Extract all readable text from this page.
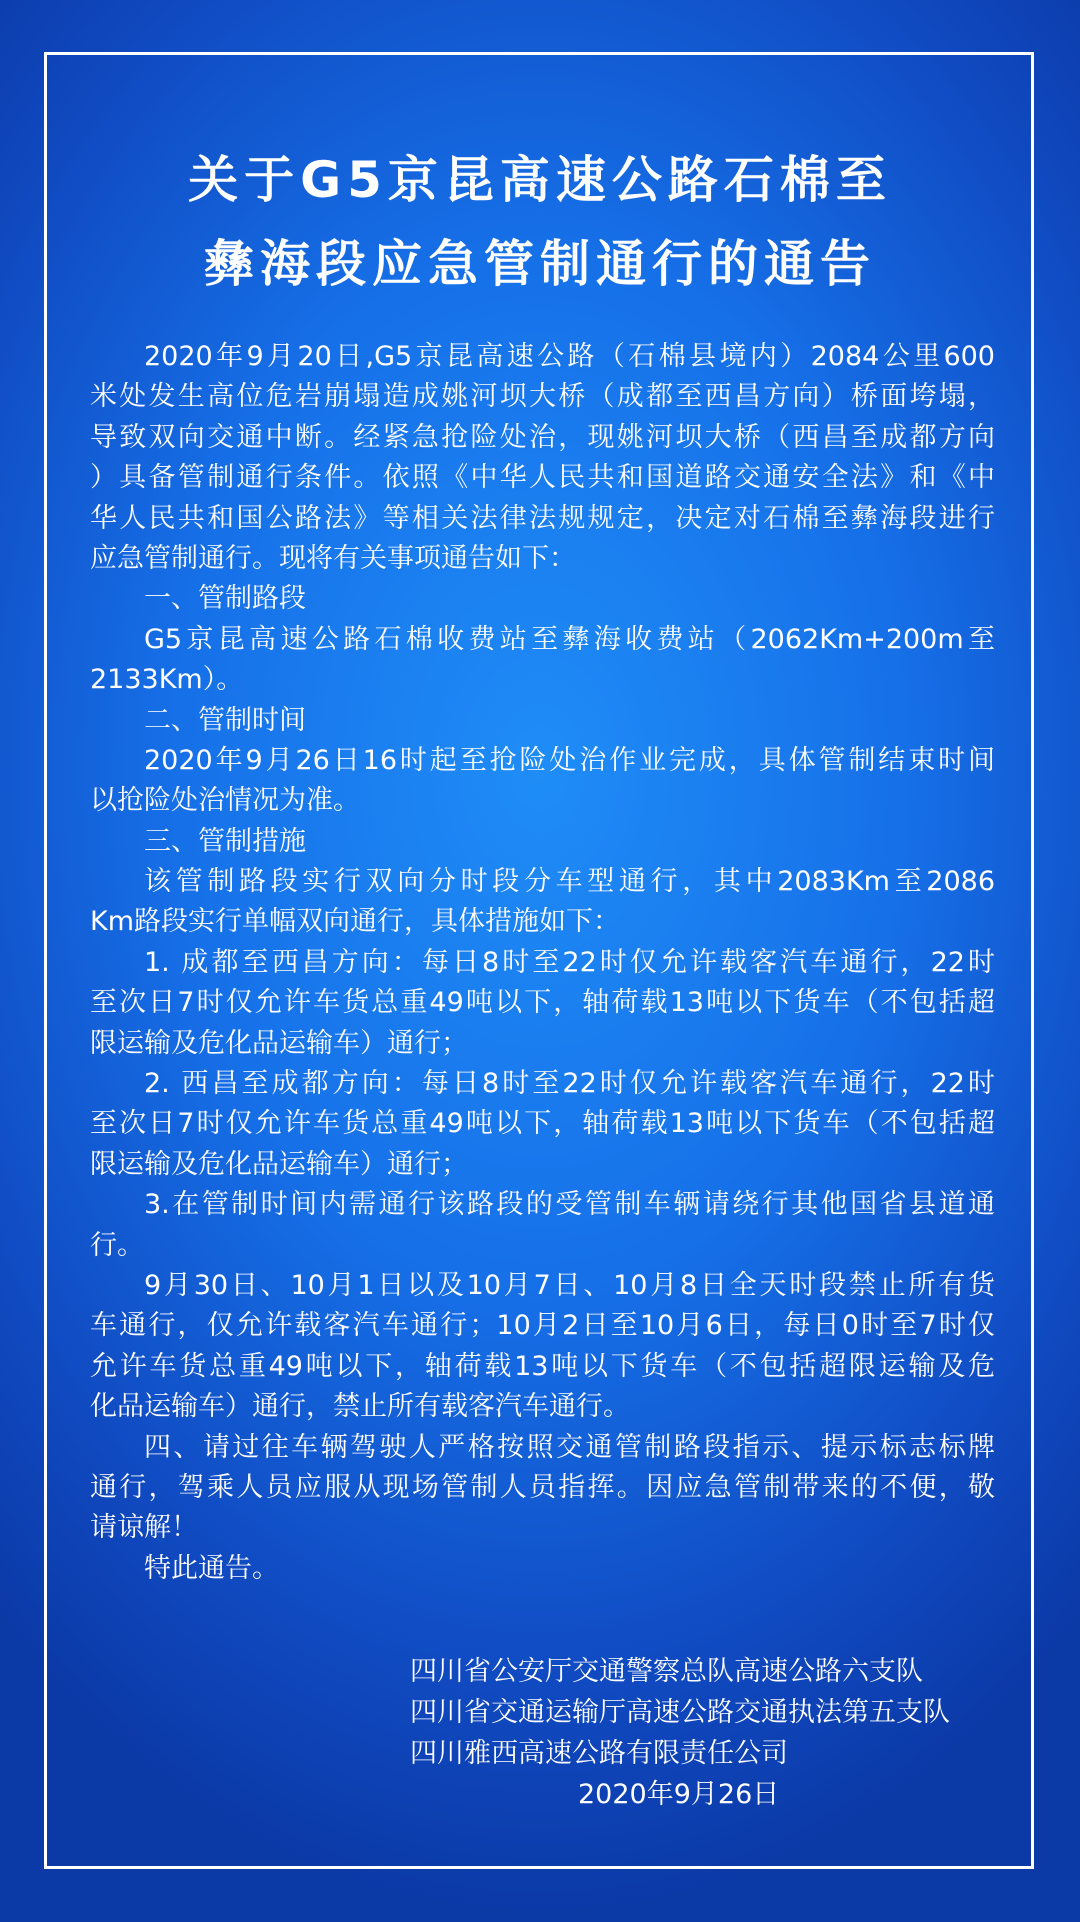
关于G5京昆高速公路石棉至
彝海段应急管制通行的通告
2020年9月20日,G5京昆高速公路（石棉县境内）2084公里600
米处发生高位危岩崩塌造成姚河坝大桥（成都至西昌方向）桥面垮塌，
导致双向交通中断。经紧急抢险处治，现姚河坝大桥（西昌至成都方向
）具备管制通行条件。依照《中华人民共和国道路交通安全法》和《中
华人民共和国公路法》等相关法律法规规定，决定对石棉至彝海段进行
应急管制通行。现将有关事项通告如下：
一、管制路段
G5京昆高速公路石棉收费站至彝海收费站（2062Km+200m至
2133Km）。
二、管制时间
2020年9月26日16时起至抢险处治作业完成，具体管制结束时间
以抢险处治情况为准。
三、管制措施
该管制路段实行双向分时段分车型通行，其中2083Km至2086
Km路段实行单幅双向通行，具体措施如下：
1. 成都至西昌方向：每日8时至22时仅允许载客汽车通行，22时
至次日7时仅允许车货总重49吨以下，轴荷载13吨以下货车（不包括超
限运输及危化品运输车）通行；
2. 西昌至成都方向：每日8时至22时仅允许载客汽车通行，22时
至次日7时仅允许车货总重49吨以下，轴荷载13吨以下货车（不包括超
限运输及危化品运输车）通行；
3.在管制时间内需通行该路段的受管制车辆请绕行其他国省县道通
行。
9月30日、10月1日以及10月7日、10月8日全天时段禁止所有货
车通行，仅允许载客汽车通行；10月2日至10月6日，每日0时至7时仅
允许车货总重49吨以下，轴荷载13吨以下货车（不包括超限运输及危
化品运输车）通行，禁止所有载客汽车通行。
四、请过往车辆驾驶人严格按照交通管制路段指示、提示标志标牌
通行，驾乘人员应服从现场管制人员指挥。因应急管制带来的不便，敬
请谅解！
特此通告。
四川省公安厅交通警察总队高速公路六支队
四川省交通运输厅高速公路交通执法第五支队
四川雅西高速公路有限责任公司
2020年9月26日
